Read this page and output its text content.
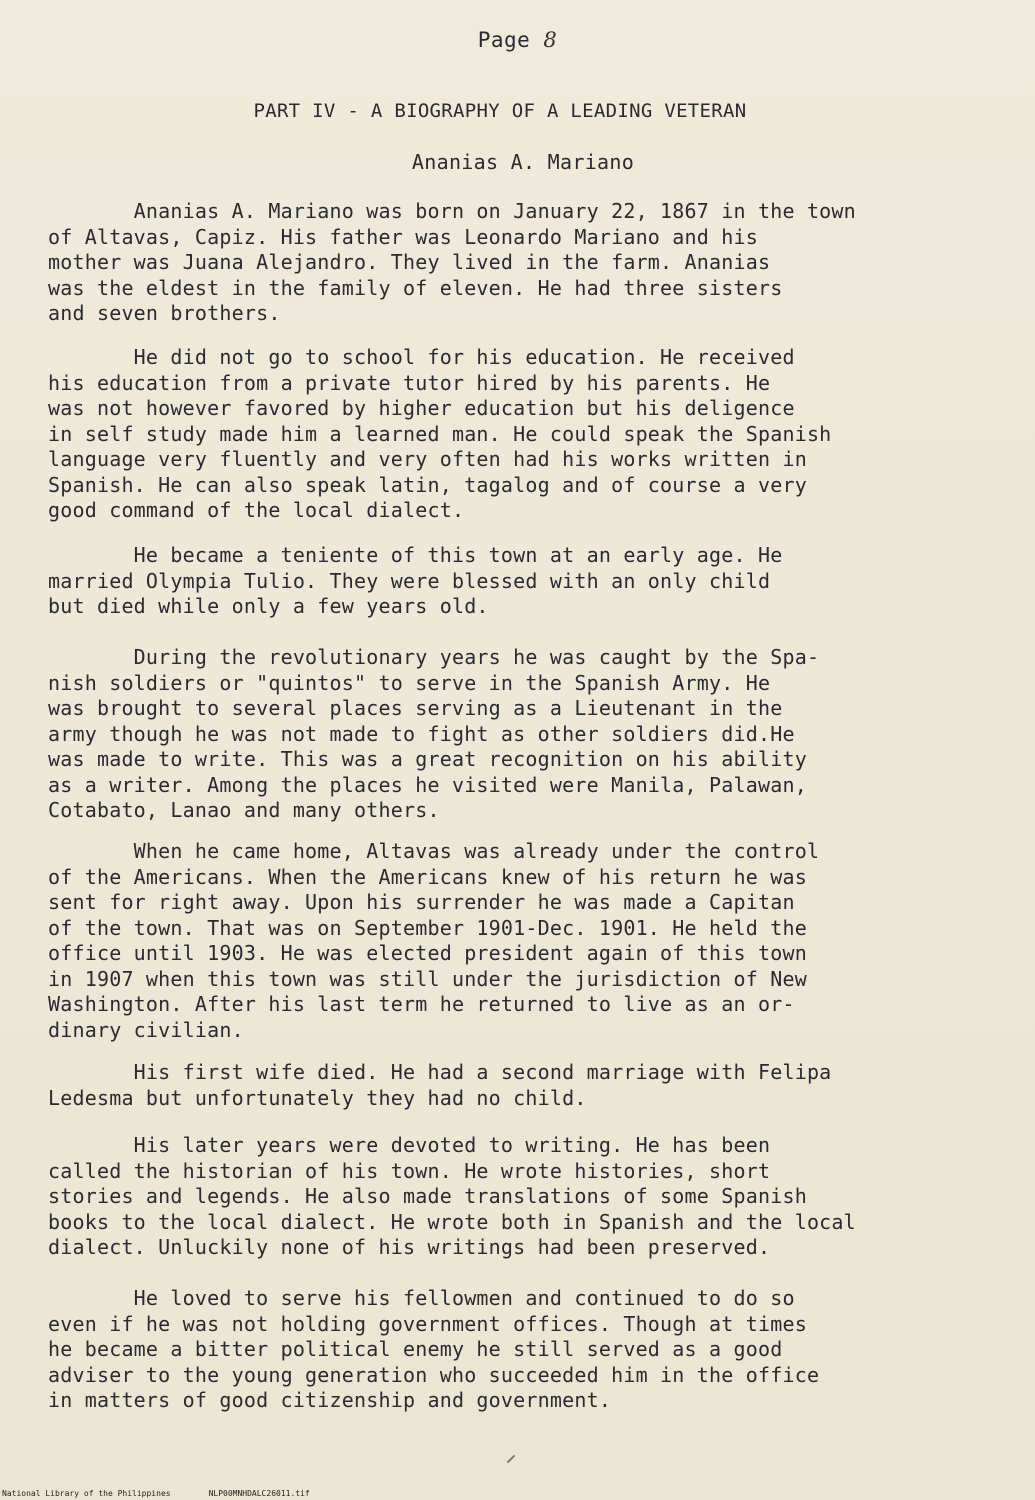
Page 8
PART IV - A BIOGRAPHY OF A LEADING VETERAN
Ananias A. Mariano

Ananias A. Mariano was born on January 22, 1867 in the town
of Altavas, Capiz. His father was Leonardo Mariano and his
mother was Juana Alejandro. They lived in the farm. Ananias
was the eldest in the family of eleven. He had three sisters
and seven brothers.

He did not go to school for his education. He received
his education from a private tutor hired by his parents. He
was not however favored by higher education but his deligence
in self study made him a learned man. He could speak the Spanish
language very fluently and very often had his works written in
Spanish. He can also speak latin, tagalog and of course a very
good command of the local dialect.

He became a teniente of this town at an early age. He
married Olympia Tulio. They were blessed with an only child
but died while only a few years old.

During the revolutionary years he was caught by the Spa-
nish soldiers or "quintos" to serve in the Spanish Army. He
was brought to several places serving as a Lieutenant in the
army though he was not made to fight as other soldiers did.He
was made to write. This was a great recognition on his ability
as a writer. Among the places he visited were Manila, Palawan,
Cotabato, Lanao and many others.

When he came home, Altavas was already under the control
of the Americans. When the Americans knew of his return he was
sent for right away. Upon his surrender he was made a Capitan
of the town. That was on September 1901-Dec. 1901. He held the
office until 1903. He was elected president again of this town
in 1907 when this town was still under the jurisdiction of New
Washington. After his last term he returned to live as an or-
dinary civilian.

His first wife died. He had a second marriage with Felipa
Ledesma but unfortunately they had no child.

His later years were devoted to writing. He has been
called the historian of his town. He wrote histories, short
stories and legends. He also made translations of some Spanish
books to the local dialect. He wrote both in Spanish and the local
dialect. Unluckily none of his writings had been preserved.

He loved to serve his fellowmen and continued to do so
even if he was not holding government offices. Though at times
he became a bitter political enemy he still served as a good
adviser to the young generation who succeeded him in the office
in matters of good citizenship and government.

National Library of the Philippines	NLP00MNHDALC26011.tif
